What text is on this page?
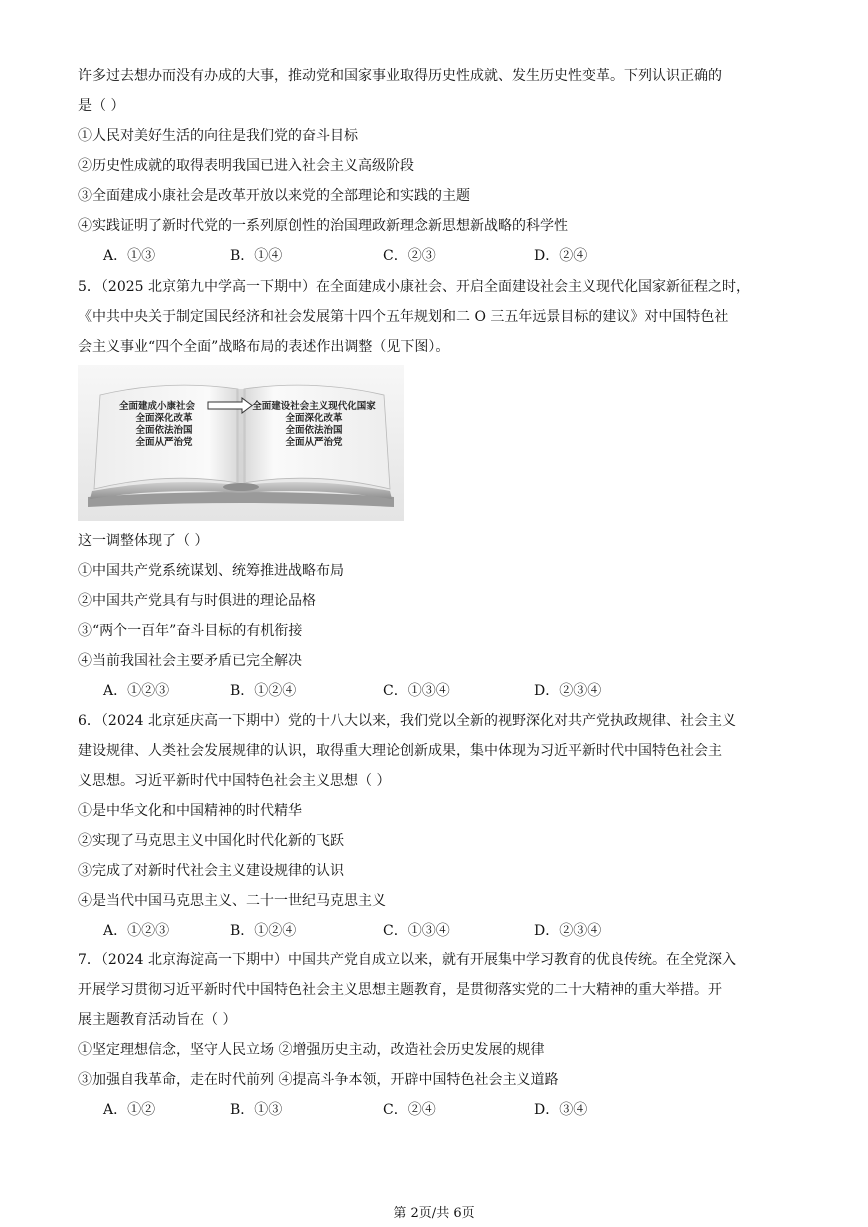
许多过去想办而没有办成的大事，推动党和国家事业取得历史性成就、发生历史性变革。下列认识正确的
是（ ）
①人民对美好生活的向往是我们党的奋斗目标
②历史性成就的取得表明我国已进入社会主义高级阶段
③全面建成小康社会是改革开放以来党的全部理论和实践的主题
④实践证明了新时代党的一系列原创性的治国理政新理念新思想新战略的科学性
A．①③	B．①④	C．②③	D．②④
5．（2025 北京第九中学高一下期中）在全面建成小康社会、开启全面建设社会主义现代化国家新征程之时，
《中共中央关于制定国民经济和社会发展第十四个五年规划和二 O 三五年远景目标的建议》对中国特色社
会主义事业“四个全面”战略布局的表述作出调整（见下图）。
全面建成小康社会
全面深化改革
全面依法治国
全面从严治党
全面建设社会主义现代化国家
全面深化改革
全面依法治国
全面从严治党
这一调整体现了（ ）
①中国共产党系统谋划、统筹推进战略布局
②中国共产党具有与时俱进的理论品格
③“两个一百年”奋斗目标的有机衔接
④当前我国社会主要矛盾已完全解决
A．①②③	B．①②④	C．①③④	D．②③④
6．（2024 北京延庆高一下期中）党的十八大以来，我们党以全新的视野深化对共产党执政规律、社会主义
建设规律、人类社会发展规律的认识，取得重大理论创新成果，集中体现为习近平新时代中国特色社会主
义思想。习近平新时代中国特色社会主义思想（ ）
①是中华文化和中国精神的时代精华
②实现了马克思主义中国化时代化新的飞跃
③完成了对新时代社会主义建设规律的认识
④是当代中国马克思主义、二十一世纪马克思主义
A．①②③	B．①②④	C．①③④	D．②③④
7．（2024 北京海淀高一下期中）中国共产党自成立以来，就有开展集中学习教育的优良传统。在全党深入
开展学习贯彻习近平新时代中国特色社会主义思想主题教育，是贯彻落实党的二十大精神的重大举措。开
展主题教育活动旨在（ ）
①坚定理想信念，坚守人民立场 ②增强历史主动，改造社会历史发展的规律
③加强自我革命，走在时代前列 ④提高斗争本领，开辟中国特色社会主义道路
A．①②	B．①③	C．②④	D．③④
第 2页/共 6页
